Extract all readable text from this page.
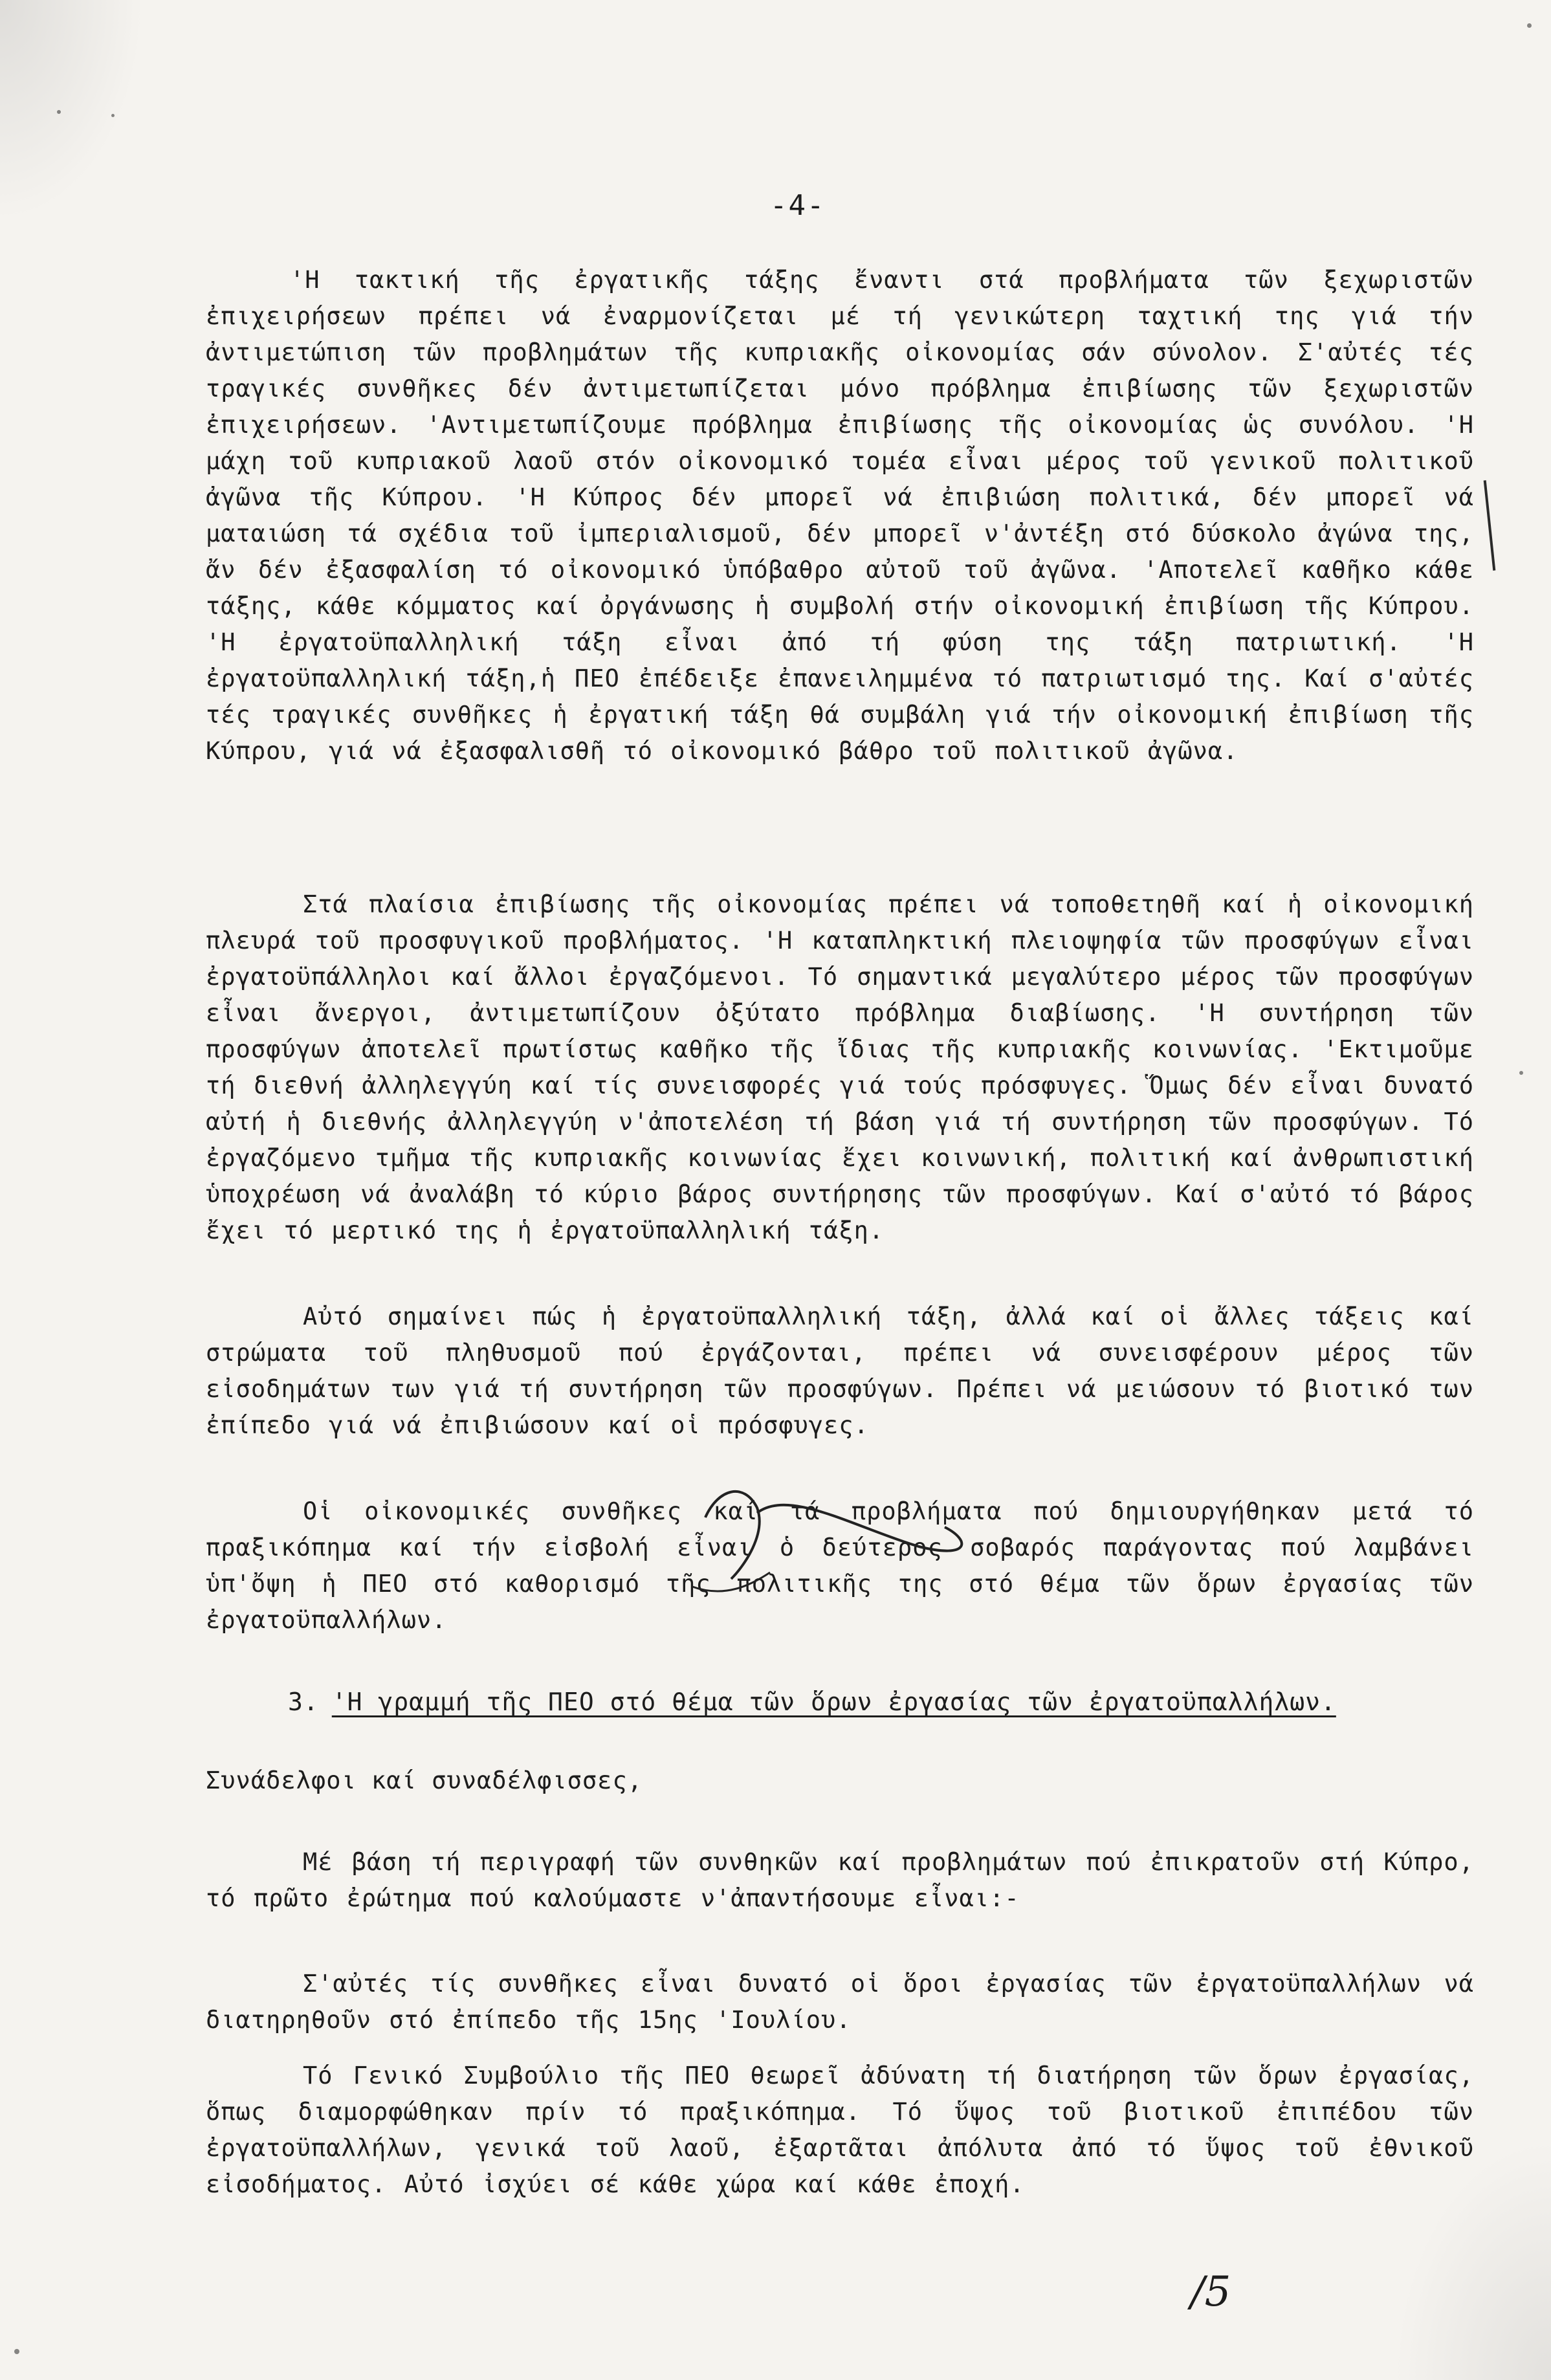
-4-

'Η τακτική τῆς ἐργατικῆς τάξης ἔναντι στά προβλήματα τῶν ξεχωριστῶν ἐπιχειρήσεων πρέπει νά ἐναρμονίζεται μέ τή γενικώτερη ταχτική της γιά τήν ἀντιμετώπιση τῶν προβλημάτων τῆς κυπριακῆς οἰκονομίας σάν σύνολον. Σ'αὐτές τές τραγικές συνθῆκες δέν ἀντιμετωπίζεται μόνο πρόβλημα ἐπιβίωσης τῶν ξεχωριστῶν ἐπιχειρήσεων. 'Αντιμετωπίζουμε πρόβλημα ἐπιβίωσης τῆς οἰκονομίας ὡς συνόλου. 'Η μάχη τοῦ κυπριακοῦ λαοῦ στόν οἰκονομικό τομέα εἶναι μέρος τοῦ γενικοῦ πολιτικοῦ ἀγῶνα τῆς Κύπρου. 'Η Κύπρος δέν μπορεῖ νά ἐπιβιώση πολιτικά, δέν μπορεῖ νά ματαιώση τά σχέδια τοῦ ἰμπεριαλισμοῦ, δέν μπορεῖ ν'ἀντέξη στό δύσκολο ἀγώνα της, ἄν δέν ἐξασφαλίση τό οἰκονομικό ὑπόβαθρο αὐτοῦ τοῦ ἀγῶνα. 'Αποτελεῖ καθῆκο κάθε τάξης, κάθε κόμματος καί ὀργάνωσης ἡ συμβολή στήν οἰκονομική ἐπιβίωση τῆς Κύπρου. 'Η ἐργατοϋπαλληλική τάξη εἶναι ἀπό τή φύση της τάξη πατριωτική. 'Η ἐργατοϋπαλληλική τάξη,ἡ ΠΕΟ ἐπέδειξε ἐπανειλημμένα τό πατριωτισμό της. Καί σ'αὐτές τές τραγικές συνθῆκες ἡ ἐργατική τάξη θά συμβάλη γιά τήν οἰκονομική ἐπιβίωση τῆς Κύπρου, γιά νά ἐξασφαλισθῆ τό οἰκονομικό βάθρο τοῦ πολιτικοῦ ἀγῶνα.

Στά πλαίσια ἐπιβίωσης τῆς οἰκονομίας πρέπει νά τοποθετηθῆ καί ἡ οἰκονομική πλευρά τοῦ προσφυγικοῦ προβλήματος. 'Η καταπληκτική πλειοψηφία τῶν προσφύγων εἶναι ἐργατοϋπάλληλοι καί ἄλλοι ἐργαζόμενοι. Τό σημαντικά μεγαλύτερο μέρος τῶν προσφύγων εἶναι ἄνεργοι, ἀντιμετωπίζουν ὀξύτατο πρόβλημα διαβίωσης. 'Η συντήρηση τῶν προσφύγων ἀποτελεῖ πρωτίστως καθῆκο τῆς ἴδιας τῆς κυπριακῆς κοινωνίας. 'Εκτιμοῦμε τή διεθνή ἀλληλεγγύη καί τίς συνεισφορές γιά τούς πρόσφυγες. Ὅμως δέν εἶναι δυνατό αὐτή ἡ διεθνής ἀλληλεγγύη ν'ἀποτελέση τή βάση γιά τή συντήρηση τῶν προσφύγων. Τό ἐργαζόμενο τμῆμα τῆς κυπριακῆς κοινωνίας ἔχει κοινωνική, πολιτική καί ἀνθρωπιστική ὑποχρέωση νά ἀναλάβη τό κύριο βάρος συντήρησης τῶν προσφύγων. Καί σ'αὐτό τό βάρος ἔχει τό μερτικό της ἡ ἐργατοϋπαλληλική τάξη.

Αὐτό σημαίνει πώς ἡ ἐργατοϋπαλληλική τάξη, ἀλλά καί οἱ ἄλλες τάξεις καί στρώματα τοῦ πληθυσμοῦ πού ἐργάζονται, πρέπει νά συνεισφέρουν μέρος τῶν εἰσοδημάτων των γιά τή συντήρηση τῶν προσφύγων. Πρέπει νά μειώσουν τό βιοτικό των ἐπίπεδο γιά νά ἐπιβιώσουν καί οἱ πρόσφυγες.

Οἱ οἰκονομικές συνθῆκες καί τά προβλήματα πού δημιουργήθηκαν μετά τό πραξικόπημα καί τήν εἰσβολή εἶναι ὁ δεύτερος σοβαρός παράγοντας πού λαμβάνει ὑπ'ὄψη ἡ ΠΕΟ στό καθορισμό τῆς πολιτικῆς της στό θέμα τῶν ὅρων ἐργασίας τῶν ἐργατοϋπαλλήλων.

3. 'Η γραμμή τῆς ΠΕΟ στό θέμα τῶν ὅρων ἐργασίας τῶν ἐργατοϋπαλλήλων.
Συνάδελφοι καί συναδέλφισσες,

Μέ βάση τή περιγραφή τῶν συνθηκῶν καί προβλημάτων πού ἐπικρατοῦν στή Κύπρο, τό πρῶτο ἐρώτημα πού καλούμαστε ν'ἀπαντήσουμε εἶναι:-

Σ'αὐτές τίς συνθῆκες εἶναι δυνατό οἱ ὅροι ἐργασίας τῶν ἐργατοϋπαλλήλων νά διατηρηθοῦν στό ἐπίπεδο τῆς 15ης 'Ιουλίου.

Τό Γενικό Συμβούλιο τῆς ΠΕΟ θεωρεῖ ἀδύνατη τή διατήρηση τῶν ὅρων ἐργασίας, ὅπως διαμορφώθηκαν πρίν τό πραξικόπημα. Τό ὕψος τοῦ βιοτικοῦ ἐπιπέδου τῶν ἐργατοϋπαλλήλων, γενικά τοῦ λαοῦ, ἐξαρτᾶται ἀπόλυτα ἀπό τό ὕψος τοῦ ἐθνικοῦ εἰσοδήματος. Αὐτό ἰσχύει σέ κάθε χώρα καί κάθε ἐποχή.

/5
